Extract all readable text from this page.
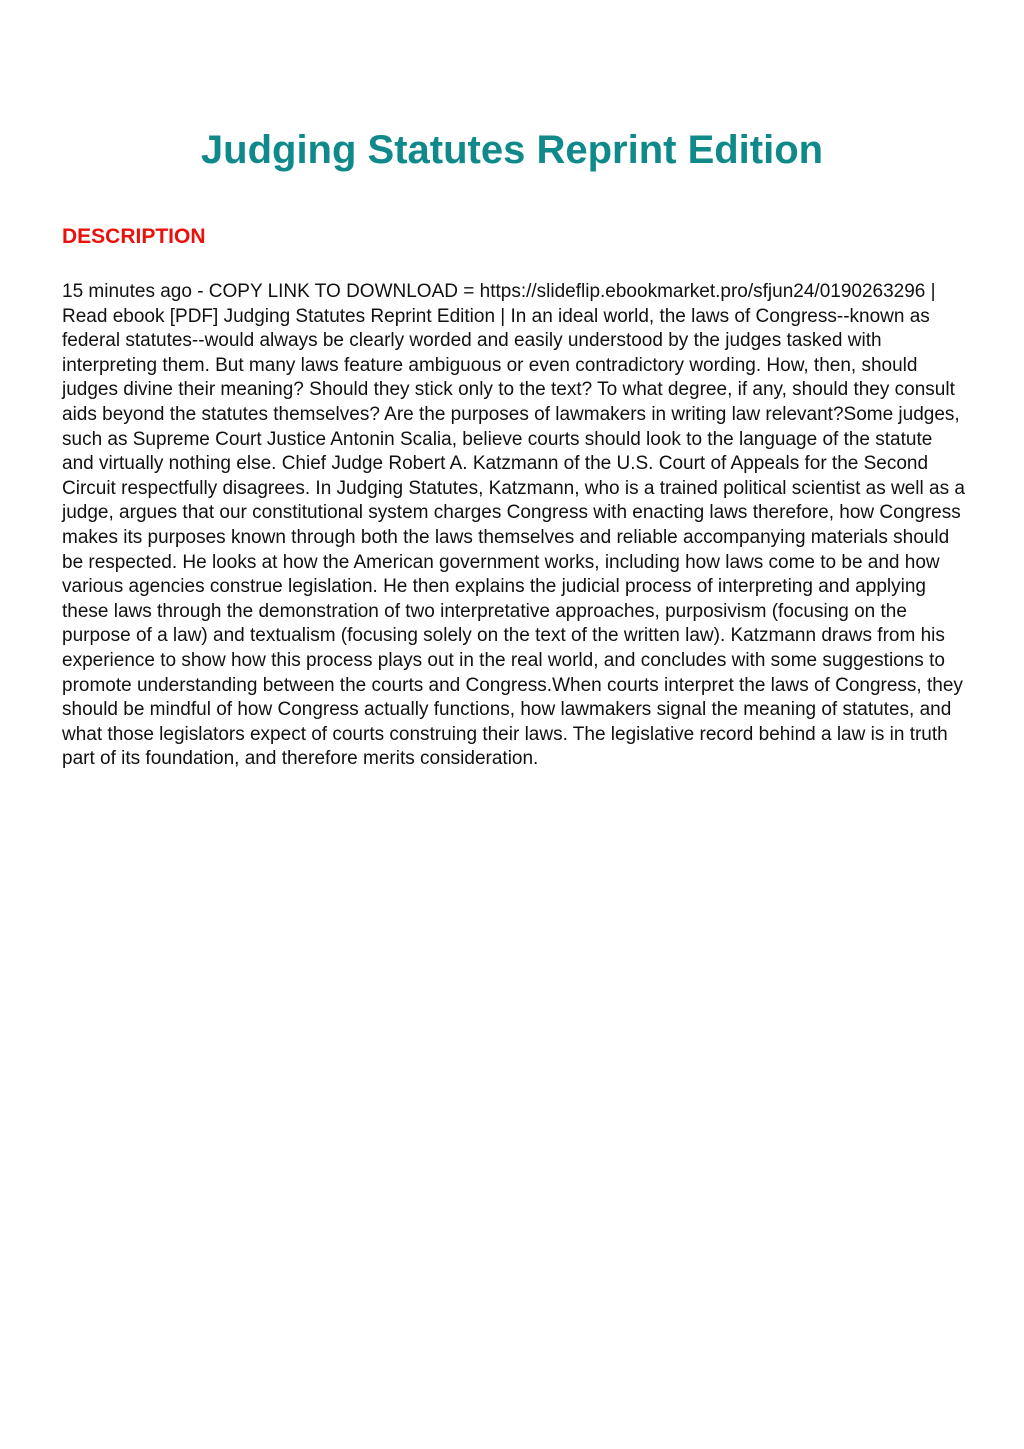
Judging Statutes Reprint Edition
DESCRIPTION

15 minutes ago - COPY LINK TO DOWNLOAD = https://slideflip.ebookmarket.pro/sfjun24/0190263296 | Read ebook [PDF] Judging Statutes Reprint Edition | In an ideal world, the laws of Congress--known as federal statutes--would always be clearly worded and easily understood by the judges tasked with interpreting them. But many laws feature ambiguous or even contradictory wording. How, then, should judges divine their meaning? Should they stick only to the text? To what degree, if any, should they consult aids beyond the statutes themselves? Are the purposes of lawmakers in writing law relevant?Some judges, such as Supreme Court Justice Antonin Scalia, believe courts should look to the language of the statute and virtually nothing else. Chief Judge Robert A. Katzmann of the U.S. Court of Appeals for the Second Circuit respectfully disagrees. In Judging Statutes, Katzmann, who is a trained political scientist as well as a judge, argues that our constitutional system charges Congress with enacting laws therefore, how Congress makes its purposes known through both the laws themselves and reliable accompanying materials should be respected. He looks at how the American government works, including how laws come to be and how various agencies construe legislation. He then explains the judicial process of interpreting and applying these laws through the demonstration of two interpretative approaches, purposivism (focusing on the purpose of a law) and textualism (focusing solely on the text of the written law). Katzmann draws from his experience to show how this process plays out in the real world, and concludes with some suggestions to promote understanding between the courts and Congress.When courts interpret the laws of Congress, they should be mindful of how Congress actually functions, how lawmakers signal the meaning of statutes, and what those legislators expect of courts construing their laws. The legislative record behind a law is in truth part of its foundation, and therefore merits consideration.
